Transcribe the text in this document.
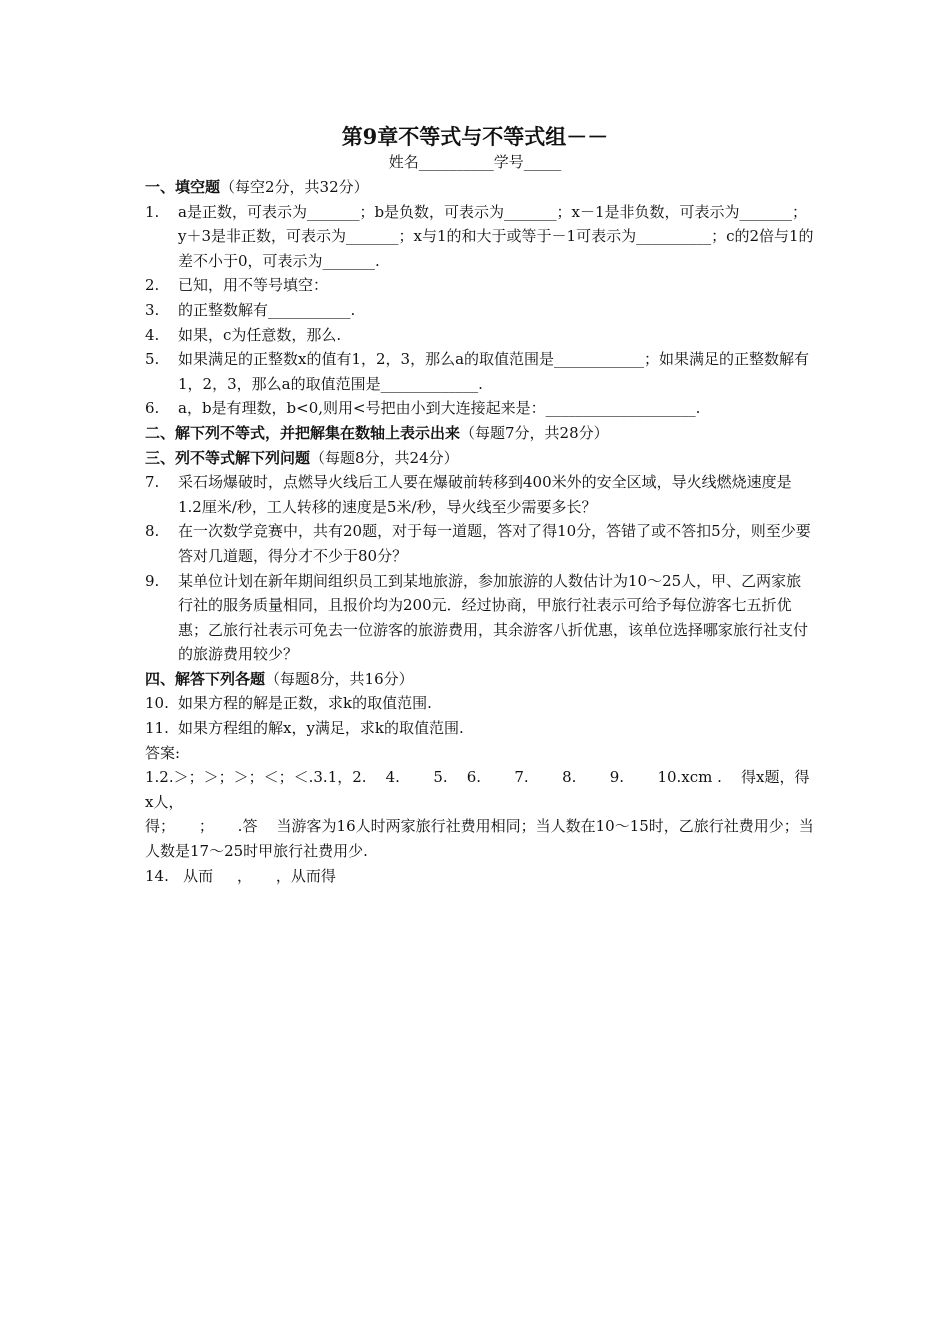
第9章不等式与不等式组－－
姓名__________学号_____
一、填空题（每空2分，共32分）
1. a是正数，可表示为_______；b是负数，可表示为_______；x－1是非负数，可表示为_______；y＋3是非正数，可表示为_______；x与1的和大于或等于－1可表示为__________；c的2倍与1的差不小于0，可表示为_______.
2. 已知，用不等号填空：
3. 的正整数解有___________.
4. 如果，c为任意数，那么.
5. 如果满足的正整数x的值有1，2，3，那么a的取值范围是____________；如果满足的正整数解有1，2，3，那么a的取值范围是_____________.
6. a，b是有理数，b<0,则用<号把由小到大连接起来是：____________________.
二、解下列不等式，并把解集在数轴上表示出来（每题7分，共28分）
三、列不等式解下列问题（每题8分，共24分）
7. 采石场爆破时，点燃导火线后工人要在爆破前转移到400米外的安全区域，导火线燃烧速度是1.2厘米/秒，工人转移的速度是5米/秒，导火线至少需要多长？
8. 在一次数学竞赛中，共有20题，对于每一道题，答对了得10分，答错了或不答扣5分，则至少要答对几道题，得分才不少于80分？
9. 某单位计划在新年期间组织员工到某地旅游，参加旅游的人数估计为10～25人，甲、乙两家旅行社的服务质量相同，且报价均为200元．经过协商，甲旅行社表示可给予每位游客七五折优惠；乙旅行社表示可免去一位游客的旅游费用，其余游客八折优惠，该单位选择哪家旅行社支付的旅游费用较少？
四、解答下列各题（每题8分，共16分）
10. 如果方程的解是正数，求k的取值范围.
11. 如果方程组的解x，y满足，求k的取值范围.
答案:
1.2.＞；＞；＞；＜；＜.3.1，2.    4.       5.    6.       7.       8.       9.       10.xcm .    得x题，得x人，
得；     ；     .答    当游客为16人时两家旅行社费用相同；当人数在10～15时，乙旅行社费用少；当人数是17～25时甲旅行社费用少.
14.   从而     ，     ，从而得
